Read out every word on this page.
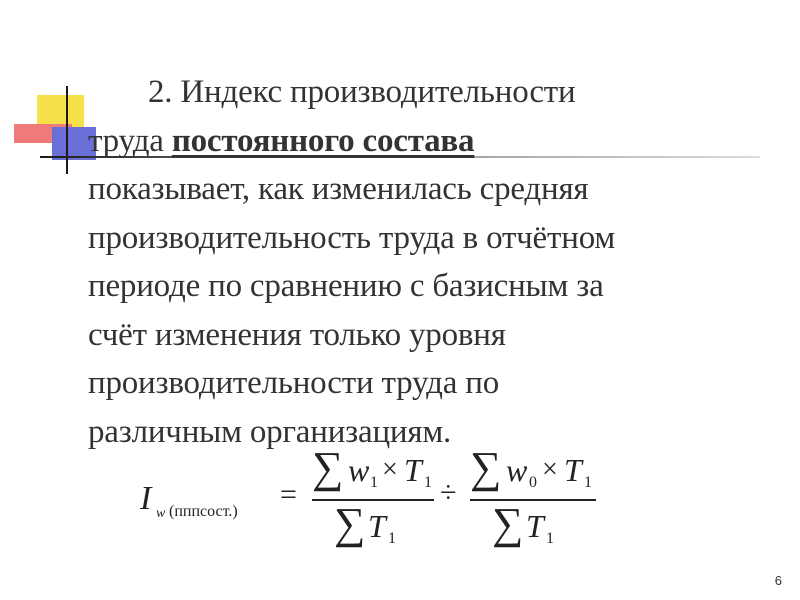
2. Индекс производительности
труда постоянного состава
показывает, как изменилась средняя
производительность труда в отчётном
периоде по сравнению с базисным за
счёт изменения только уровня
производительности труда по
различным организациям.
I w (пппсост.)
=
∑ w 1 × T 1
∑ T 1
÷
∑ w 0 × T 1
∑ T 1
6
